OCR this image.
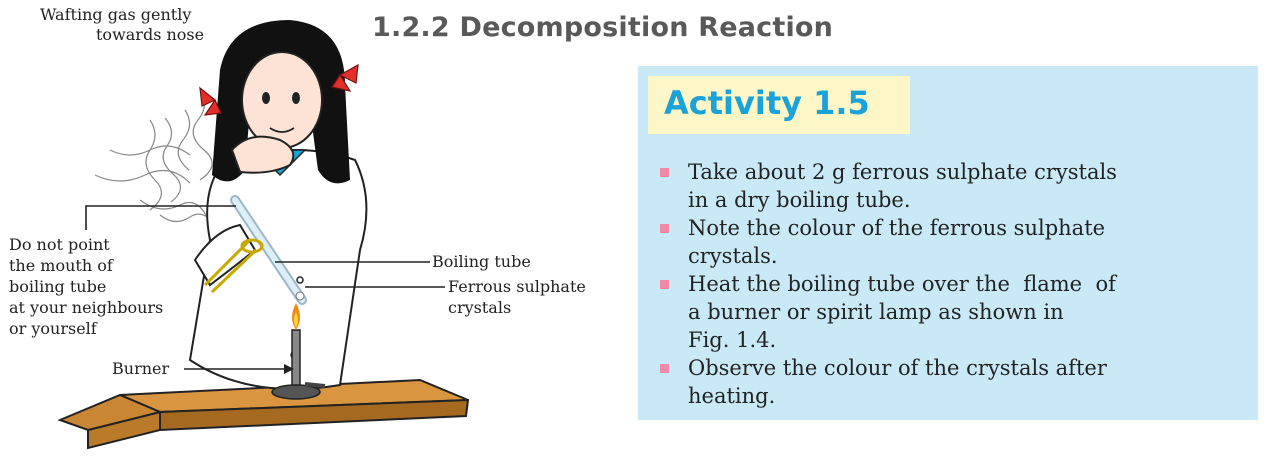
1.2.2 Decomposition Reaction
Wafting gas gently
towards nose
Do not point
the mouth of
boiling tube
at your neighbours
or yourself
Burner
Boiling tube
Ferrous sulphate
crystals
Activity 1.5
Take about 2 g ferrous sulphate crystals
in a dry boiling tube.
Note the colour of the ferrous sulphate
crystals.
Heat the boiling tube over the  flame  of
a burner or spirit lamp as shown in
Fig. 1.4.
Observe the colour of the crystals after
heating.
